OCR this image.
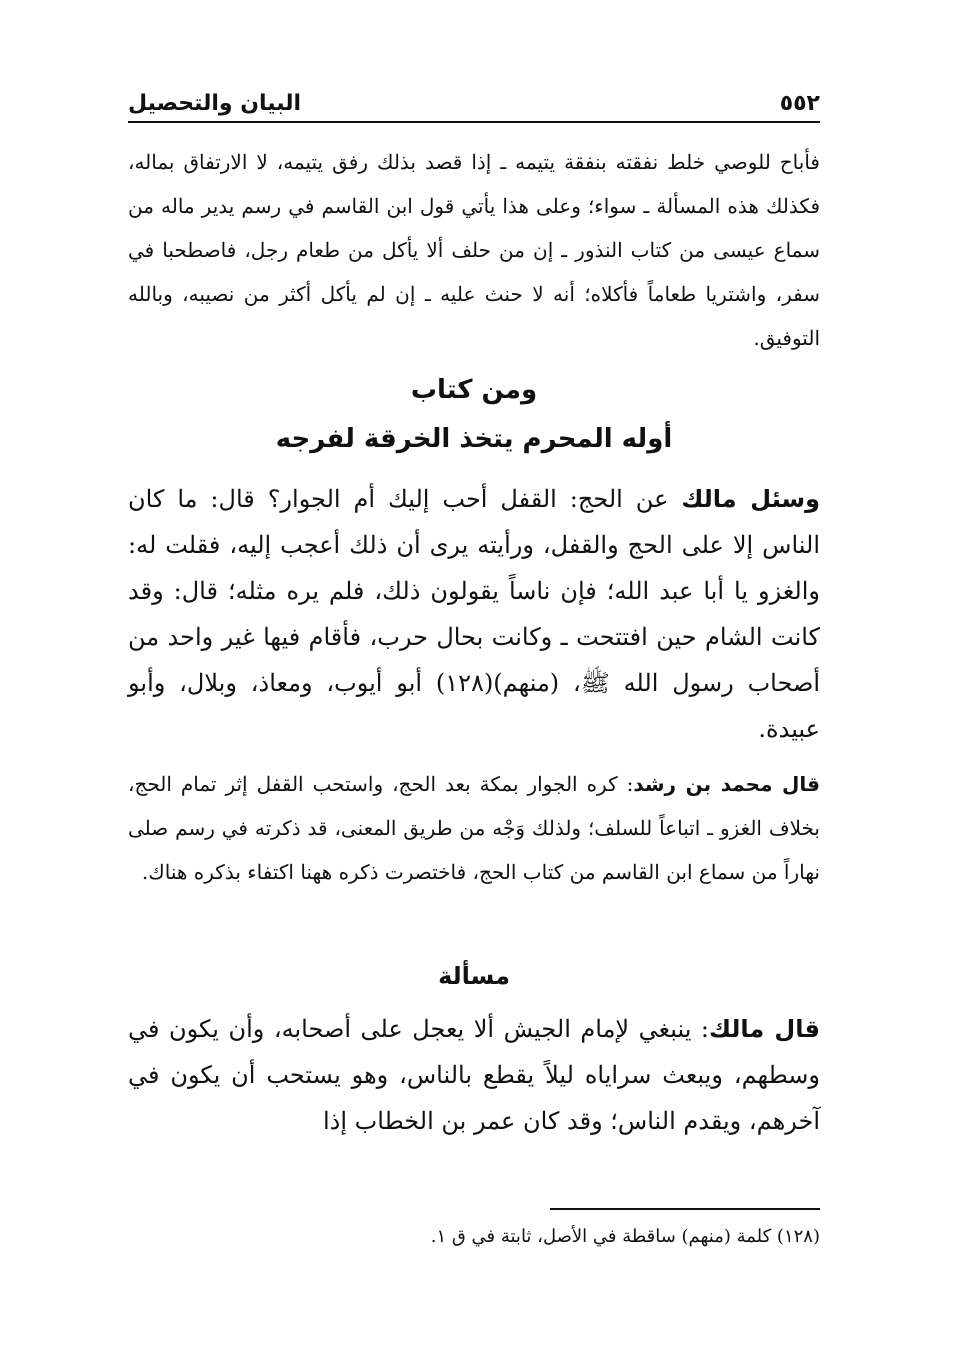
٥٥٢
البيان والتحصيل

فأباح للوصي خلط نفقته بنفقة يتيمه ـ إذا قصد بذلك رفق يتيمه، لا الارتفاق بماله، فكذلك هذه المسألة ـ سواء؛ وعلى هذا يأتي قول ابن القاسم في رسم يدير ماله من سماع عيسى من كتاب النذور ـ إن من حلف ألا يأكل من طعام رجل، فاصطحبا في سفر، واشتريا طعاماً فأكلاه؛ أنه لا حنث عليه ـ إن لم يأكل أكثر من نصيبه، وبالله التوفيق.

ومن كتاب
أوله المحرم يتخذ الخرقة لفرجه

وسئل مالك عن الحج: القفل أحب إليك أم الجوار؟ قال: ما كان الناس إلا على الحج والقفل، ورأيته يرى أن ذلك أعجب إليه، فقلت له: والغزو يا أبا عبد الله؛ فإن ناساً يقولون ذلك، فلم يره مثله؛ قال: وقد كانت الشام حين افتتحت ـ وكانت بحال حرب، فأقام فيها غير واحد من أصحاب رسول الله ﷺ، (منهم)(١٢٨) أبو أيوب، ومعاذ، وبلال، وأبو عبيدة.

قال محمد بن رشد: كره الجوار بمكة بعد الحج، واستحب القفل إثر تمام الحج، بخلاف الغزو ـ اتباعاً للسلف؛ ولذلك وَجْه من طريق المعنى، قد ذكرته في رسم صلى نهاراً من سماع ابن القاسم من كتاب الحج، فاختصرت ذكره ههنا اكتفاء بذكره هناك.

مسألة

قال مالك: ينبغي لإمام الجيش ألا يعجل على أصحابه، وأن يكون في وسطهم، ويبعث سراياه ليلاً يقطع بالناس، وهو يستحب أن يكون في آخرهم، ويقدم الناس؛ وقد كان عمر بن الخطاب إذا

(١٢٨) كلمة (منهم) ساقطة في الأصل، ثابتة في ق ١.
